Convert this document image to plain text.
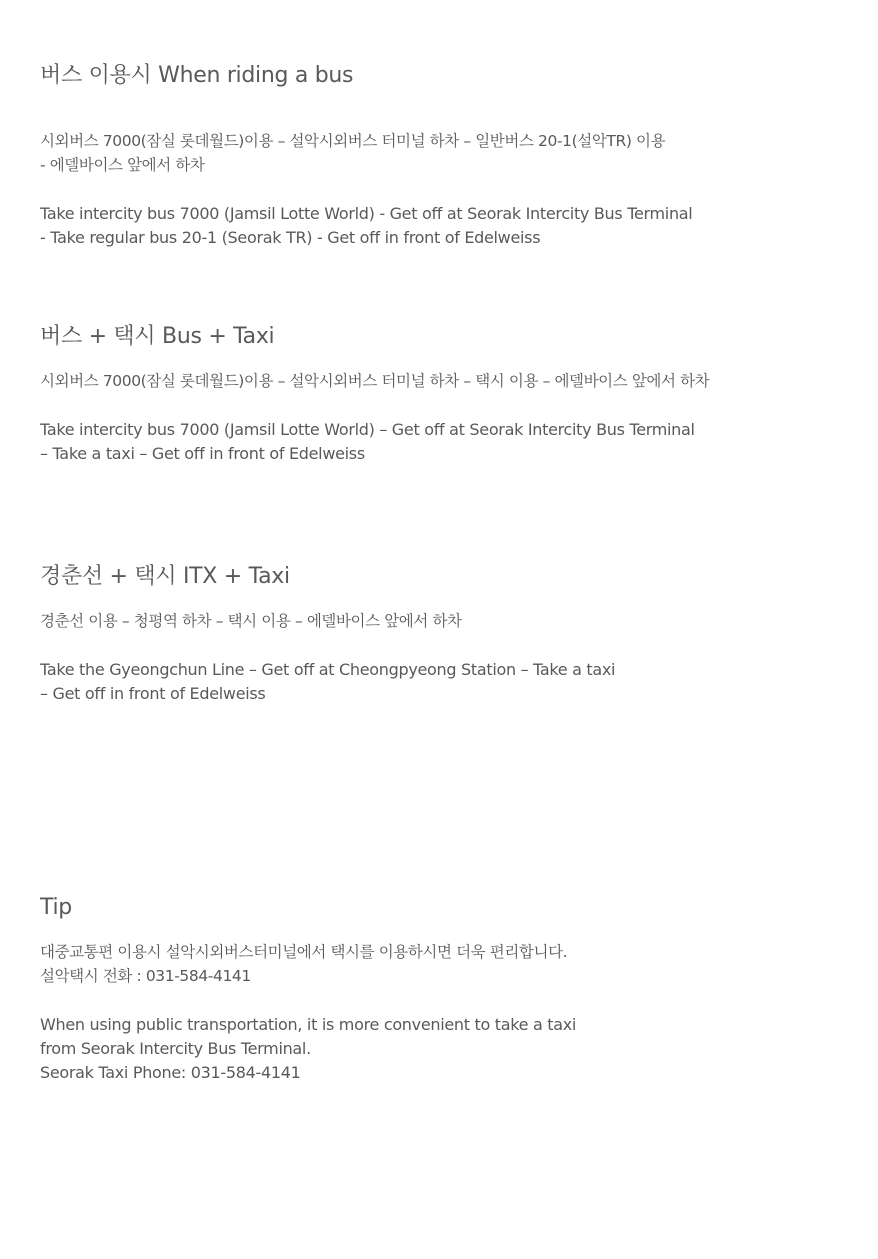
버스 이용시 When riding a bus

시외버스 7000(잠실 롯데월드)이용 – 설악시외버스 터미널 하차 – 일반버스 20-1(설악TR) 이용
- 에델바이스 앞에서 하차

Take intercity bus 7000 (Jamsil Lotte World) - Get off at Seorak Intercity Bus Terminal
- Take regular bus 20-1 (Seorak TR) - Get off in front of Edelweiss

버스 + 택시 Bus + Taxi

시외버스 7000(잠실 롯데월드)이용 – 설악시외버스 터미널 하차 – 택시 이용 – 에델바이스 앞에서 하차

Take intercity bus 7000 (Jamsil Lotte World) – Get off at Seorak Intercity Bus Terminal
– Take a taxi – Get off in front of Edelweiss

경춘선 + 택시 ITX + Taxi

경춘선 이용 – 청평역 하차 – 택시 이용 – 에델바이스 앞에서 하차

Take the Gyeongchun Line – Get off at Cheongpyeong Station – Take a taxi
– Get off in front of Edelweiss

Tip

대중교통편 이용시 설악시외버스터미널에서 택시를 이용하시면 더욱 편리합니다.
설악택시 전화 : 031-584-4141

When using public transportation, it is more convenient to take a taxi
from Seorak Intercity Bus Terminal.
Seorak Taxi Phone: 031-584-4141
